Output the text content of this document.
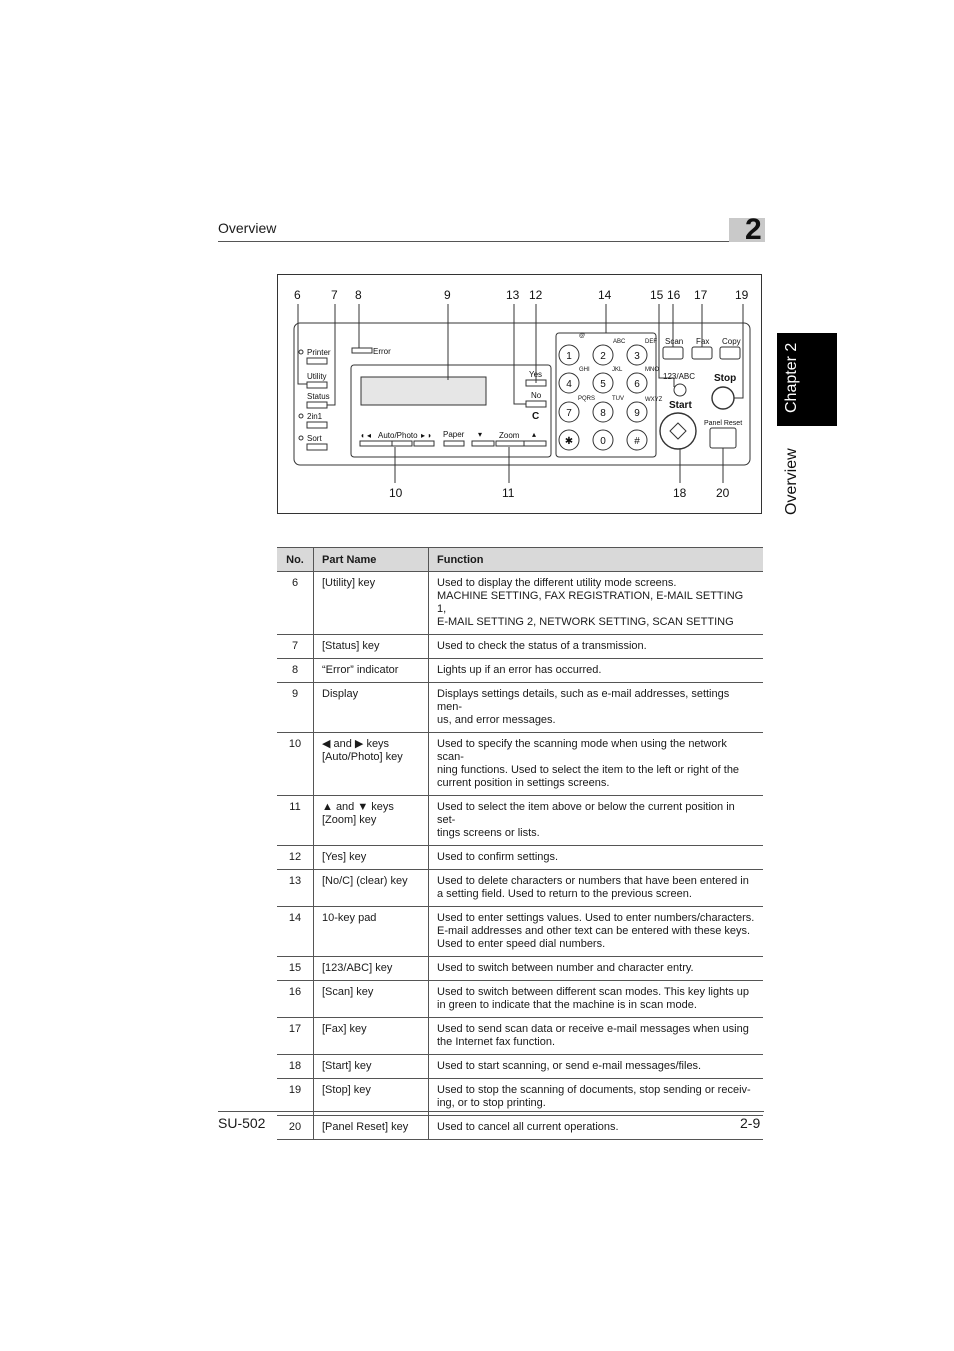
Overview	2
Chapter 2
Overview
6	7 8	9	13 12	14	15 16 17 19
10	11	18 20
Printer
Utility
Status
2in1
Sort
Error
Yes
No
C
◖ ◂ Auto/Photo ▸ ◗ Paper ▾ Zoom ▴
@
ABC	DEF
GHI	JKL	MNO
PQRS	TUV	WXYZ
1	2	3
4	5	6
7	8	9
✱	0	#
Scan Fax Copy
123/ABC
Start
Stop
Panel Reset
No.	Part Name	Function
6	[Utility] key	Used to display the different utility mode screens.
MACHINE SETTING, FAX REGISTRATION, E-MAIL SETTING 1,
E-MAIL SETTING 2, NETWORK SETTING, SCAN SETTING

7	[Status] key	Used to check the status of a transmission.

8	“Error” indicator	Lights up if an error has occurred.

9	Display	Displays settings details, such as e-mail addresses, settings men-
us, and error messages.

10	◀ and ▶ keys
[Auto/Photo] key	Used to specify the scanning mode when using the network scan-
ning functions. Used to select the item to the left or right of the
current position in settings screens.

11	▲ and ▼ keys
[Zoom] key	Used to select the item above or below the current position in set-
tings screens or lists.

12	[Yes] key	Used to confirm settings.

13	[No/C] (clear) key	Used to delete characters or numbers that have been entered in
a setting field. Used to return to the previous screen.

14	10-key pad	Used to enter settings values. Used to enter numbers/characters.
E-mail addresses and other text can be entered with these keys.
Used to enter speed dial numbers.

15	[123/ABC] key	Used to switch between number and character entry.

16	[Scan] key	Used to switch between different scan modes. This key lights up
in green to indicate that the machine is in scan mode.

17	[Fax] key	Used to send scan data or receive e-mail messages when using
the Internet fax function.

18	[Start] key	Used to start scanning, or send e-mail messages/files.

19	[Stop] key	Used to stop the scanning of documents, stop sending or receiv-
ing, or to stop printing.

20	[Panel Reset] key	Used to cancel all current operations.
SU-502	2-9
